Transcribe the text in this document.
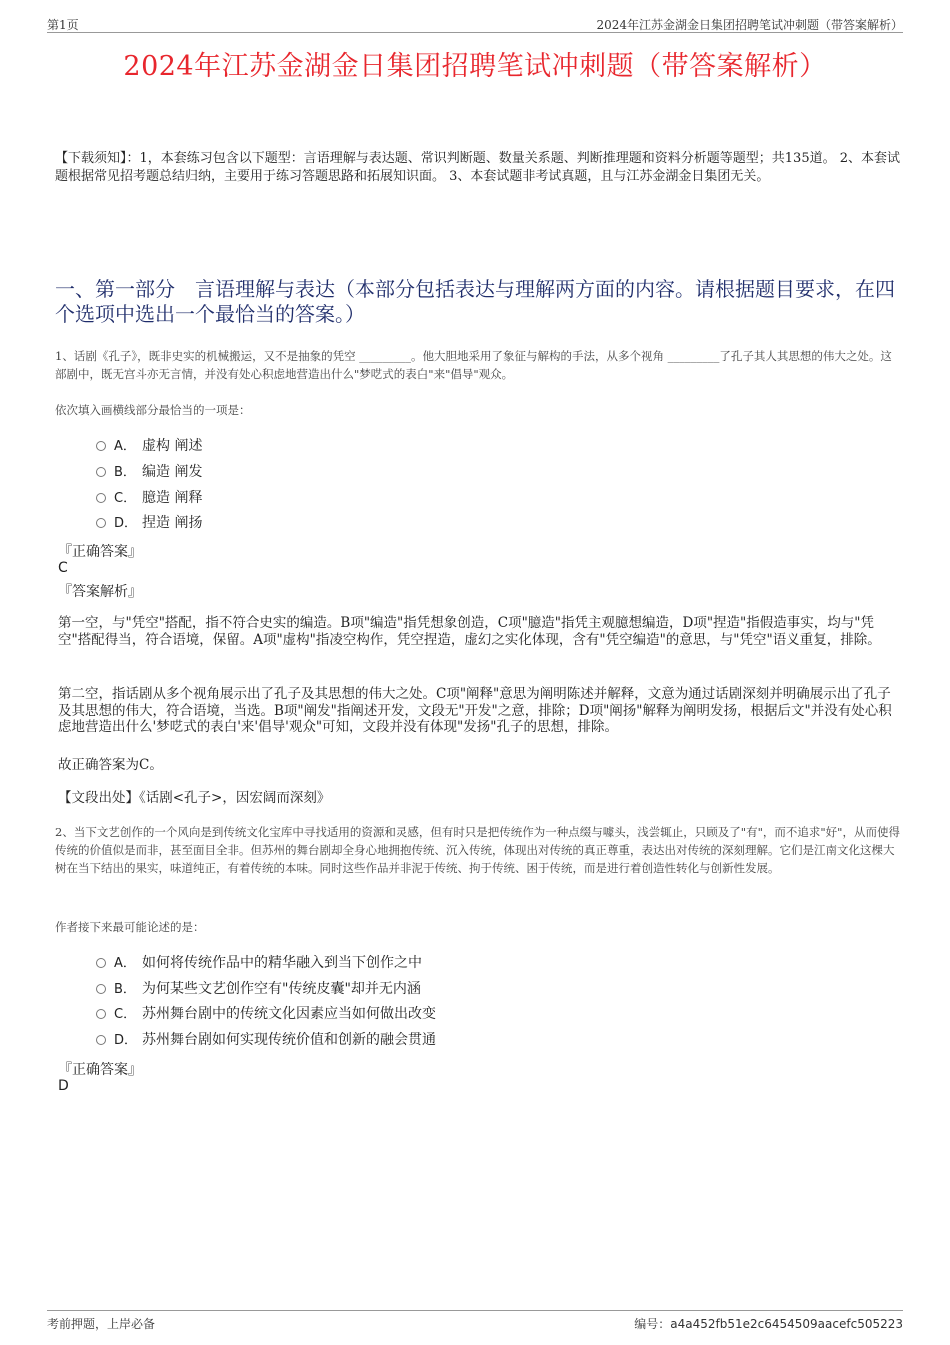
第1页	2024年江苏金湖金日集团招聘笔试冲刺题（带答案解析）
2024年江苏金湖金日集团招聘笔试冲刺题（带答案解析）
【下载须知】：1，本套练习包含以下题型：言语理解与表达题、常识判断题、数量关系题、判断推理题和资料分析题等题型；共135道。 2、本套试题根据常见招考题总结归纳，主要用于练习答题思路和拓展知识面。 3、本套试题非考试真题，且与江苏金湖金日集团无关。
一、第一部分　言语理解与表达（本部分包括表达与理解两方面的内容。请根据题目要求，在四个选项中选出一个最恰当的答案。）
1、话剧《孔子》，既非史实的机械搬运，又不是抽象的凭空 _________。他大胆地采用了象征与解构的手法，从多个视角 _________了孔子其人其思想的伟大之处。这部剧中，既无宫斗亦无言情，并没有处心积虑地营造出什么"梦呓式的表白"来"倡导"观众。
依次填入画横线部分最恰当的一项是：
A． 虚构 阐述
B． 编造 阐发
C． 臆造 阐释
D． 捏造 阐扬
『正确答案』
C
『答案解析』
第一空，与"凭空"搭配，指不符合史实的编造。B项"编造"指凭想象创造，C项"臆造"指凭主观臆想编造，D项"捏造"指假造事实，均与"凭空"搭配得当，符合语境，保留。A项"虚构"指凌空构作，凭空捏造，虚幻之实化体现，含有"凭空编造"的意思，与"凭空"语义重复，排除。
第二空，指话剧从多个视角展示出了孔子及其思想的伟大之处。C项"阐释"意思为阐明陈述并解释，文意为通过话剧深刻并明确展示出了孔子及其思想的伟大，符合语境，当选。B项"阐发"指阐述开发，文段无"开发"之意，排除；D项"阐扬"解释为阐明发扬，根据后文"并没有处心积虑地营造出什么'梦呓式的表白'来'倡导'观众"可知，文段并没有体现"发扬"孔子的思想，排除。
故正确答案为C。
【文段出处】《话剧<孔子>，因宏阔而深刻》
2、当下文艺创作的一个风向是到传统文化宝库中寻找适用的资源和灵感，但有时只是把传统作为一种点缀与噱头，浅尝辄止，只顾及了"有"，而不追求"好"，从而使得传统的价值似是而非，甚至面目全非。但苏州的舞台剧却全身心地拥抱传统、沉入传统，体现出对传统的真正尊重，表达出对传统的深刻理解。它们是江南文化这棵大树在当下结出的果实，味道纯正，有着传统的本味。同时这些作品并非泥于传统、拘于传统、困于传统，而是进行着创造性转化与创新性发展。
作者接下来最可能论述的是：
A． 如何将传统作品中的精华融入到当下创作之中
B． 为何某些文艺创作空有"传统皮囊"却并无内涵
C． 苏州舞台剧中的传统文化因素应当如何做出改变
D． 苏州舞台剧如何实现传统价值和创新的融会贯通
『正确答案』
D
考前押题，上岸必备	编号：a4a452fb51e2c6454509aacefc505223
